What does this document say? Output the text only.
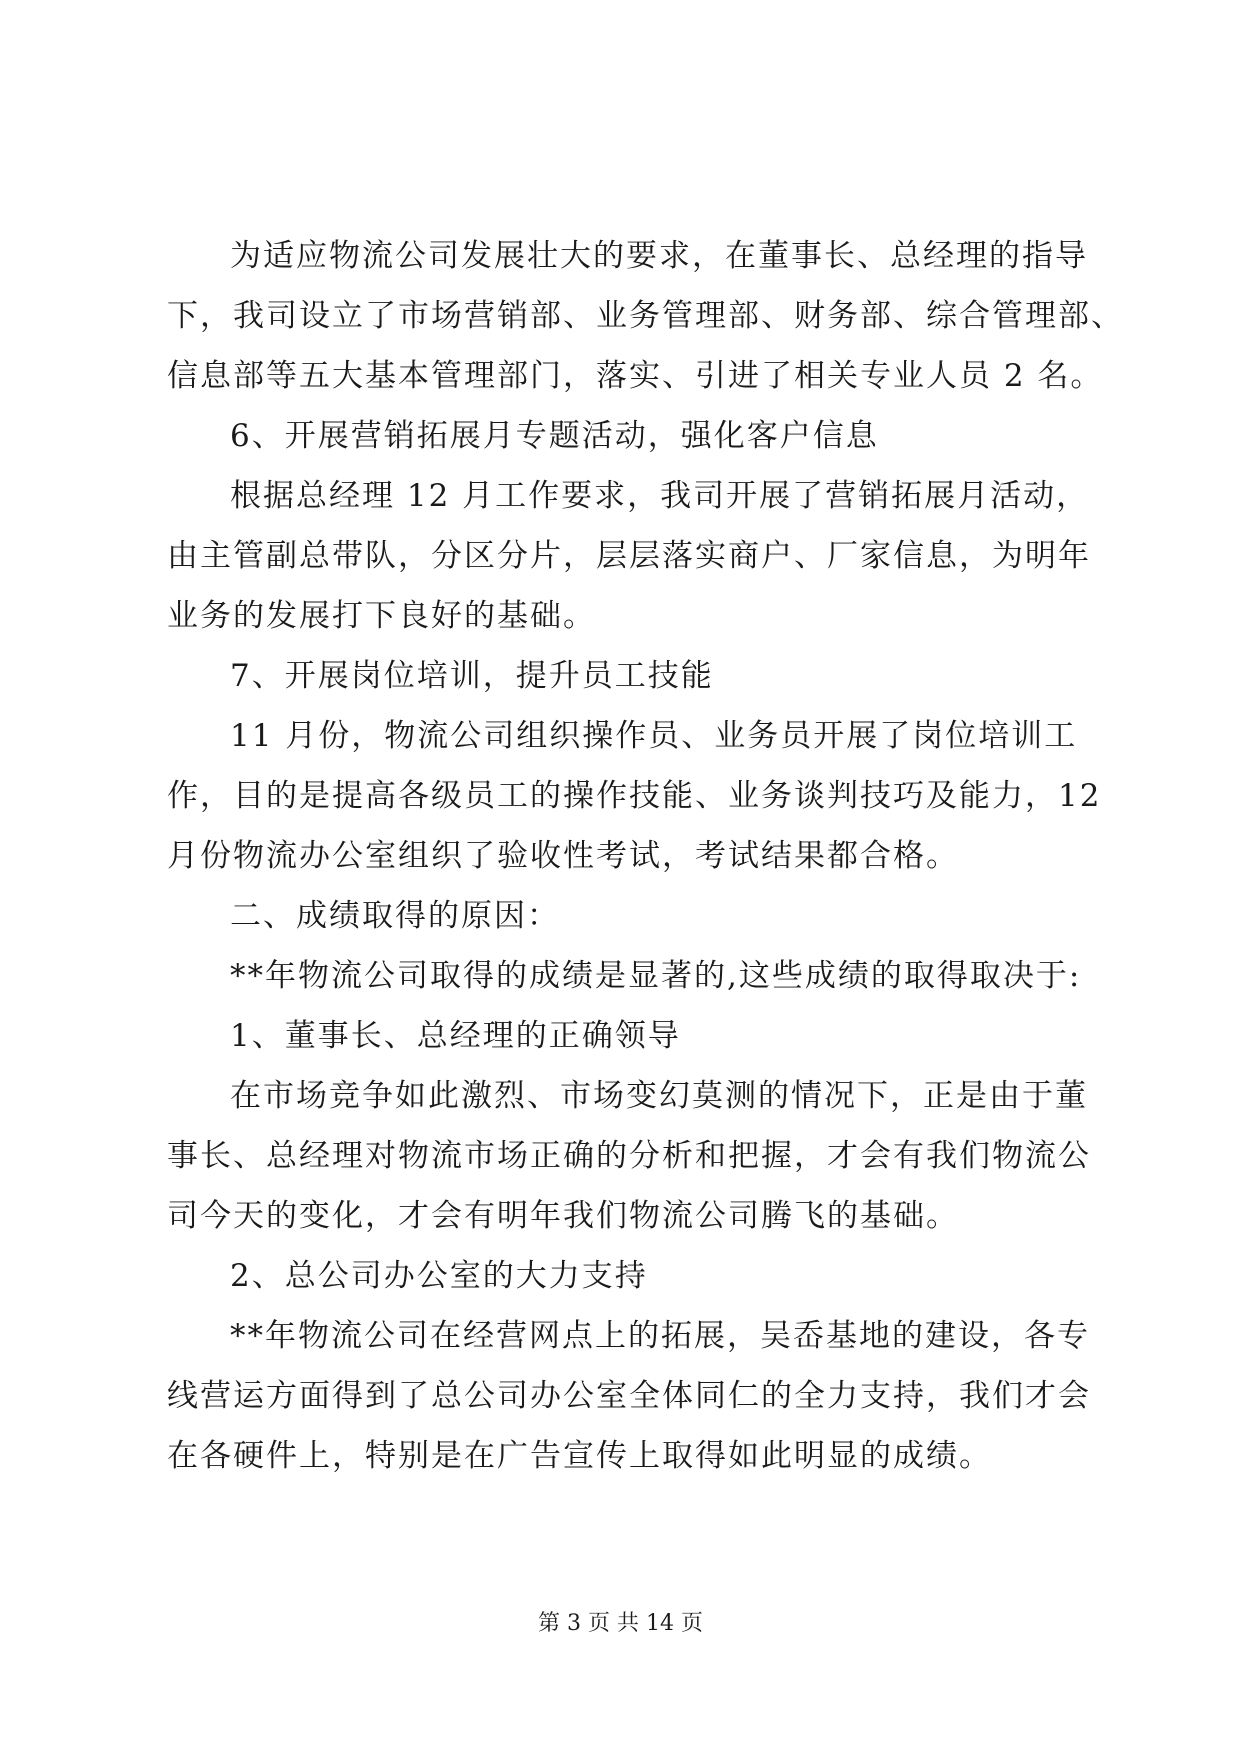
为适应物流公司发展壮大的要求，在董事长、总经理的指导
下，我司设立了市场营销部、业务管理部、财务部、综合管理部、
信息部等五大基本管理部门，落实、引进了相关专业人员 2 名。
6、开展营销拓展月专题活动，强化客户信息
根据总经理 12 月工作要求，我司开展了营销拓展月活动，
由主管副总带队，分区分片，层层落实商户、厂家信息，为明年
业务的发展打下良好的基础。
7、开展岗位培训，提升员工技能
11 月份，物流公司组织操作员、业务员开展了岗位培训工
作，目的是提高各级员工的操作技能、业务谈判技巧及能力，12
月份物流办公室组织了验收性考试，考试结果都合格。
二、成绩取得的原因：
**年物流公司取得的成绩是显著的,这些成绩的取得取决于:
1、董事长、总经理的正确领导
在市场竞争如此激烈、市场变幻莫测的情况下，正是由于董
事长、总经理对物流市场正确的分析和把握，才会有我们物流公
司今天的变化，才会有明年我们物流公司腾飞的基础。
2、总公司办公室的大力支持
**年物流公司在经营网点上的拓展，吴岙基地的建设，各专
线营运方面得到了总公司办公室全体同仁的全力支持，我们才会
在各硬件上，特别是在广告宣传上取得如此明显的成绩。
第 3 页 共 14 页
